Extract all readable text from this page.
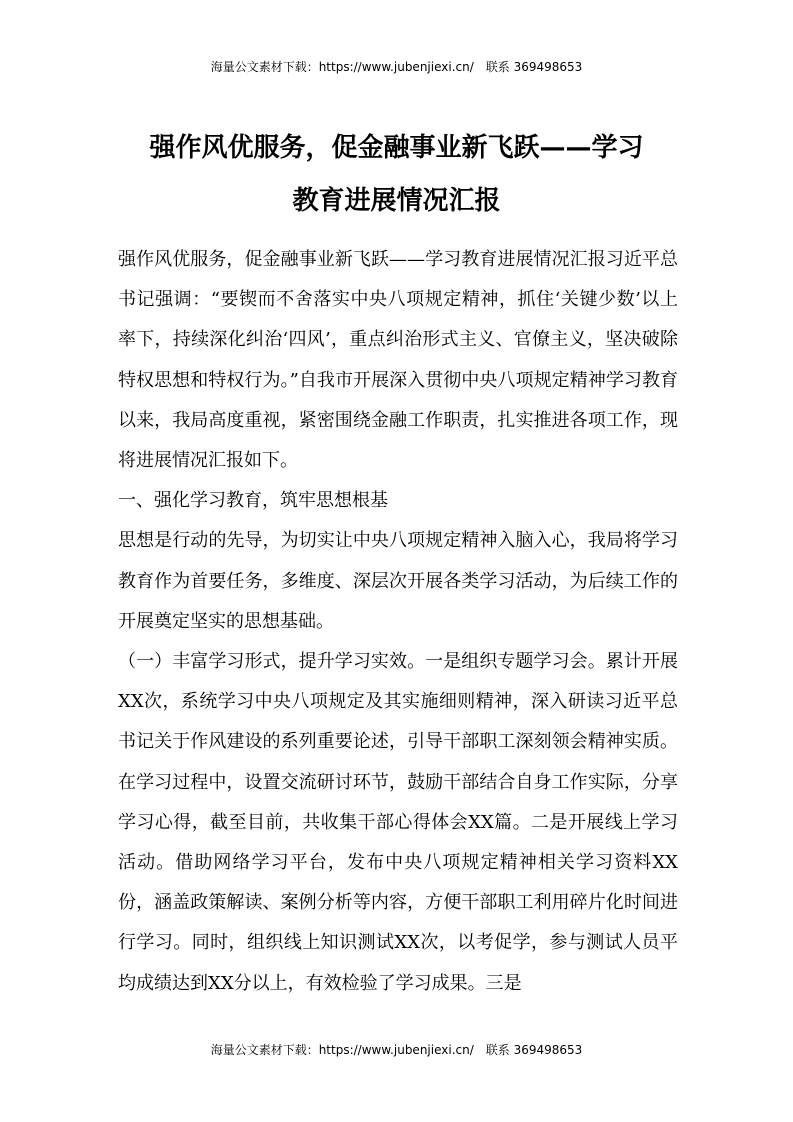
海量公文素材下载：https://www.jubenjiexi.cn/ 联系 369498653
强作风优服务，促金融事业新飞跃——学习
教育进展情况汇报

强作风优服务，促金融事业新飞跃——学习教育进展情况汇报习近平总书记强调：“要锲而不舍落实中央八项规定精神，抓住‘关键少数’以上率下，持续深化纠治‘四风’，重点纠治形式主义、官僚主义，坚决破除特权思想和特权行为。”自我市开展深入贯彻中央八项规定精神学习教育以来，我局高度重视，紧密围绕金融工作职责，扎实推进各项工作，现将进展情况汇报如下。

一、强化学习教育，筑牢思想根基

思想是行动的先导，为切实让中央八项规定精神入脑入心，我局将学习教育作为首要任务，多维度、深层次开展各类学习活动，为后续工作的开展奠定坚实的思想基础。

（一）丰富学习形式，提升学习实效。一是组织专题学习会。累计开展XX次，系统学习中央八项规定及其实施细则精神，深入研读习近平总书记关于作风建设的系列重要论述，引导干部职工深刻领会精神实质。在学习过程中，设置交流研讨环节，鼓励干部结合自身工作实际，分享学习心得，截至目前，共收集干部心得体会XX篇。二是开展线上学习活动。借助网络学习平台，发布中央八项规定精神相关学习资料XX份，涵盖政策解读、案例分析等内容，方便干部职工利用碎片化时间进行学习。同时，组织线上知识测试XX次，以考促学，参与测试人员平均成绩达到XX分以上，有效检验了学习成果。三是

海量公文素材下载：https://www.jubenjiexi.cn/ 联系 369498653
